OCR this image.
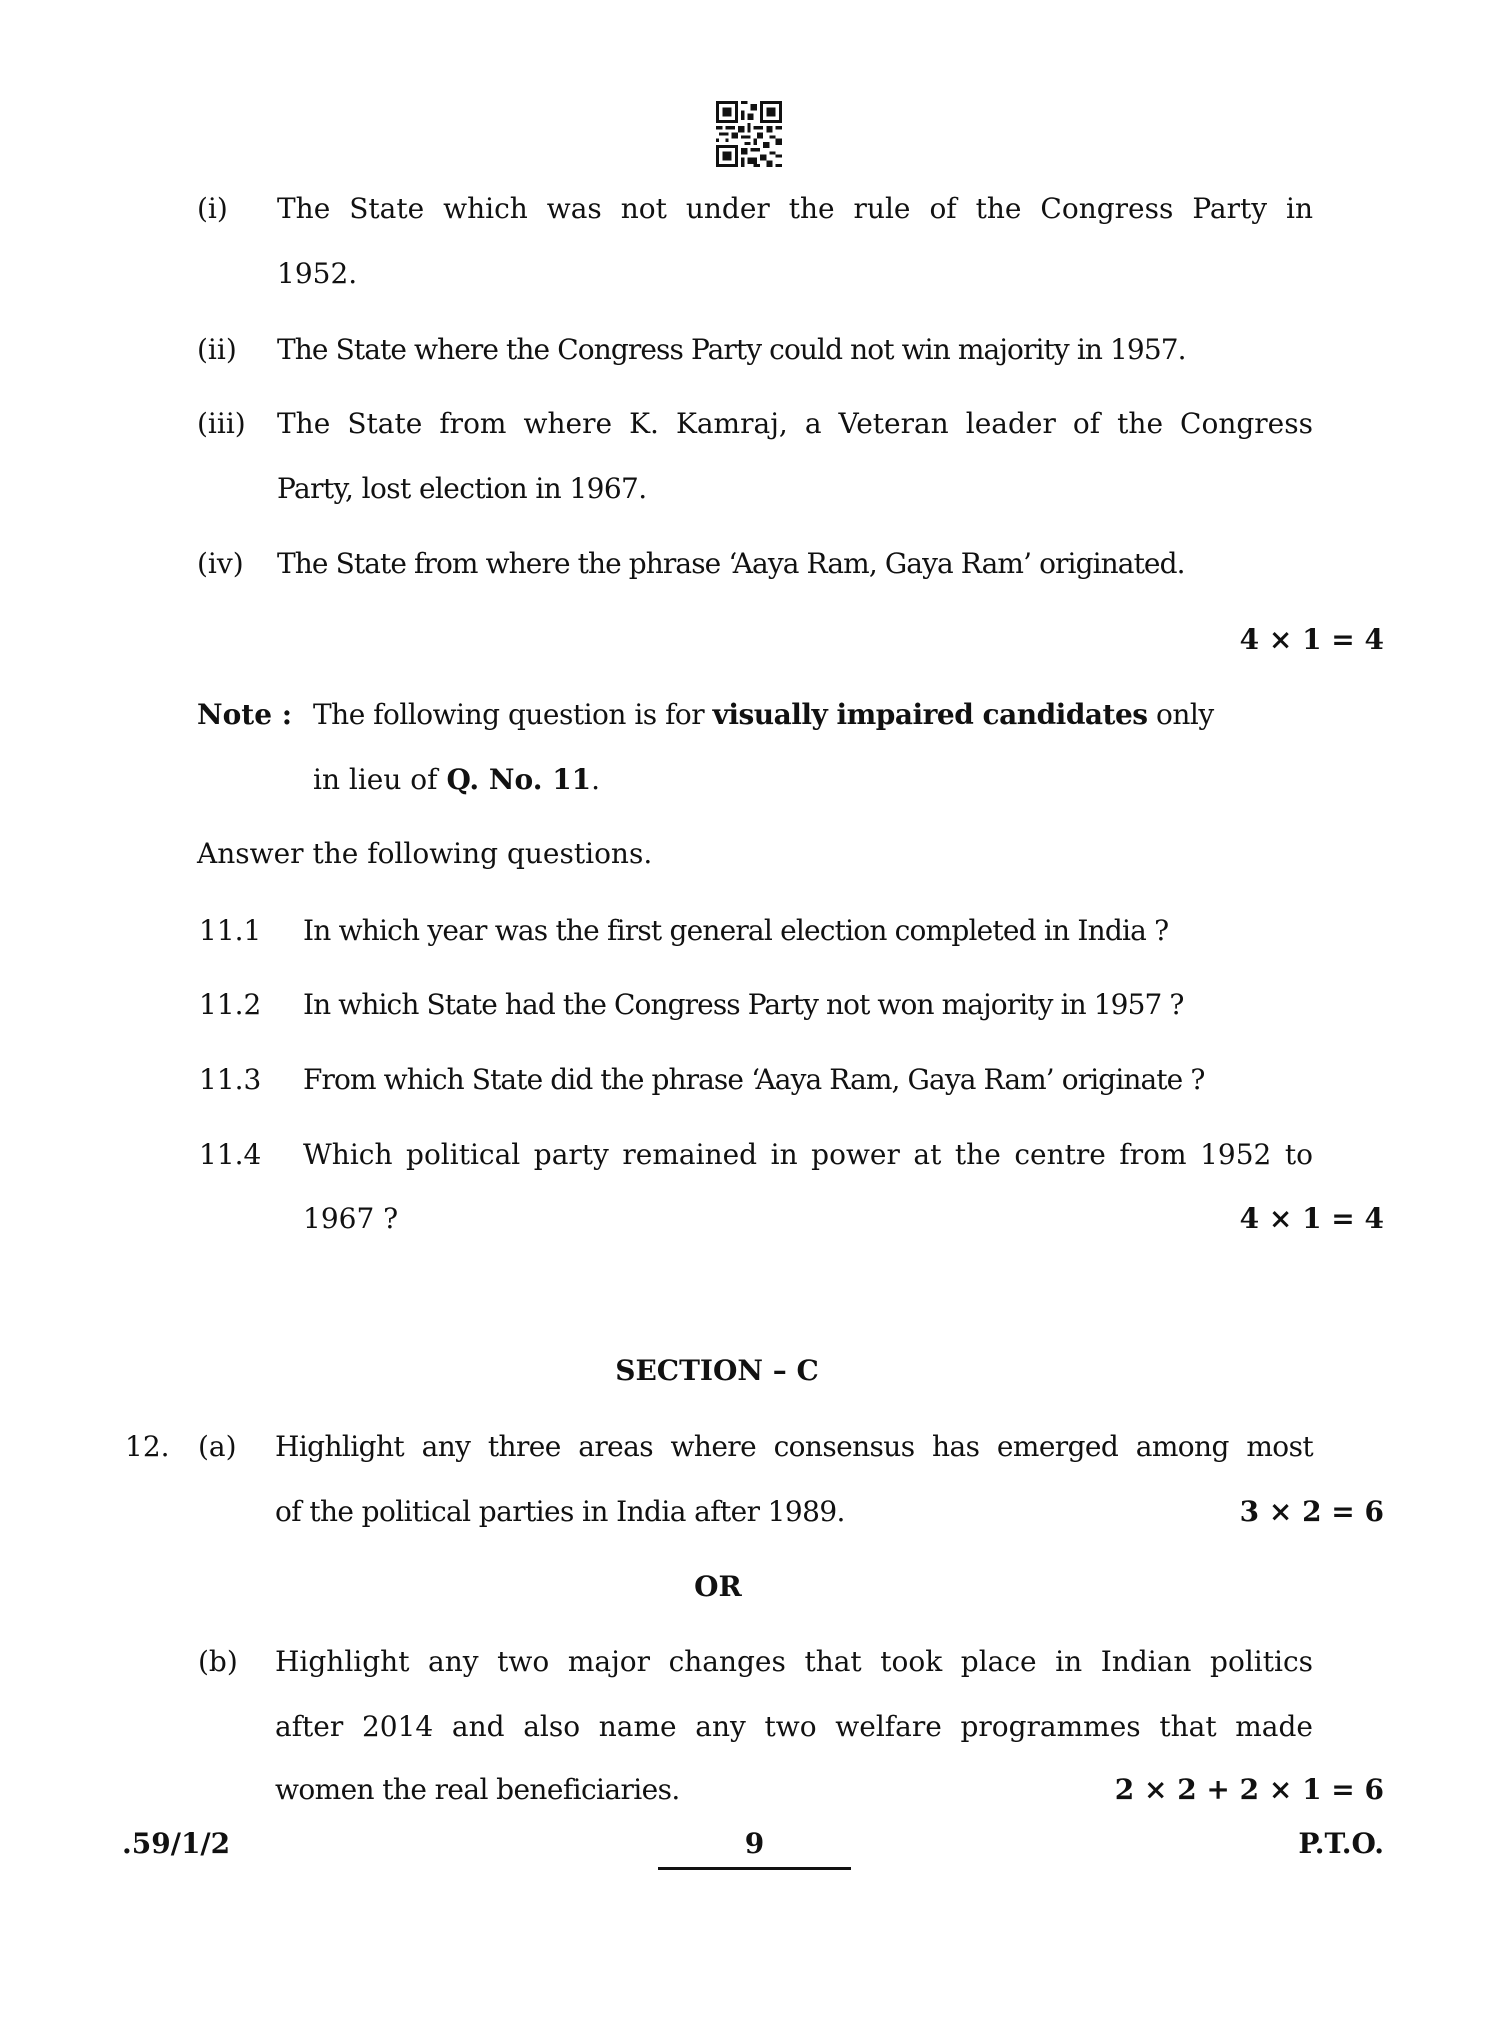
(i) The State which was not under the rule of the Congress Party in
1952.
(ii) The State where the Congress Party could not win majority in 1957.
(iii) The State from where K. Kamraj, a Veteran leader of the Congress
Party, lost election in 1967.
(iv) The State from where the phrase ‘Aaya Ram, Gaya Ram’ originated.
4 × 1 = 4
Note : The following question is for visually impaired candidates only
in lieu of Q. No. 11.
Answer the following questions.
11.1 In which year was the first general election completed in India ?
11.2 In which State had the Congress Party not won majority in 1957 ?
11.3 From which State did the phrase ‘Aaya Ram, Gaya Ram’ originate ?
11.4 Which political party remained in power at the centre from 1952 to
1967 ?	4 × 1 = 4
SECTION – C
12. (a) Highlight any three areas where consensus has emerged among most
of the political parties in India after 1989.	3 × 2 = 6
OR
(b) Highlight any two major changes that took place in Indian politics
after 2014 and also name any two welfare programmes that made
women the real beneficiaries.	2 × 2 + 2 × 1 = 6
.59/1/2	9	P.T.O.
